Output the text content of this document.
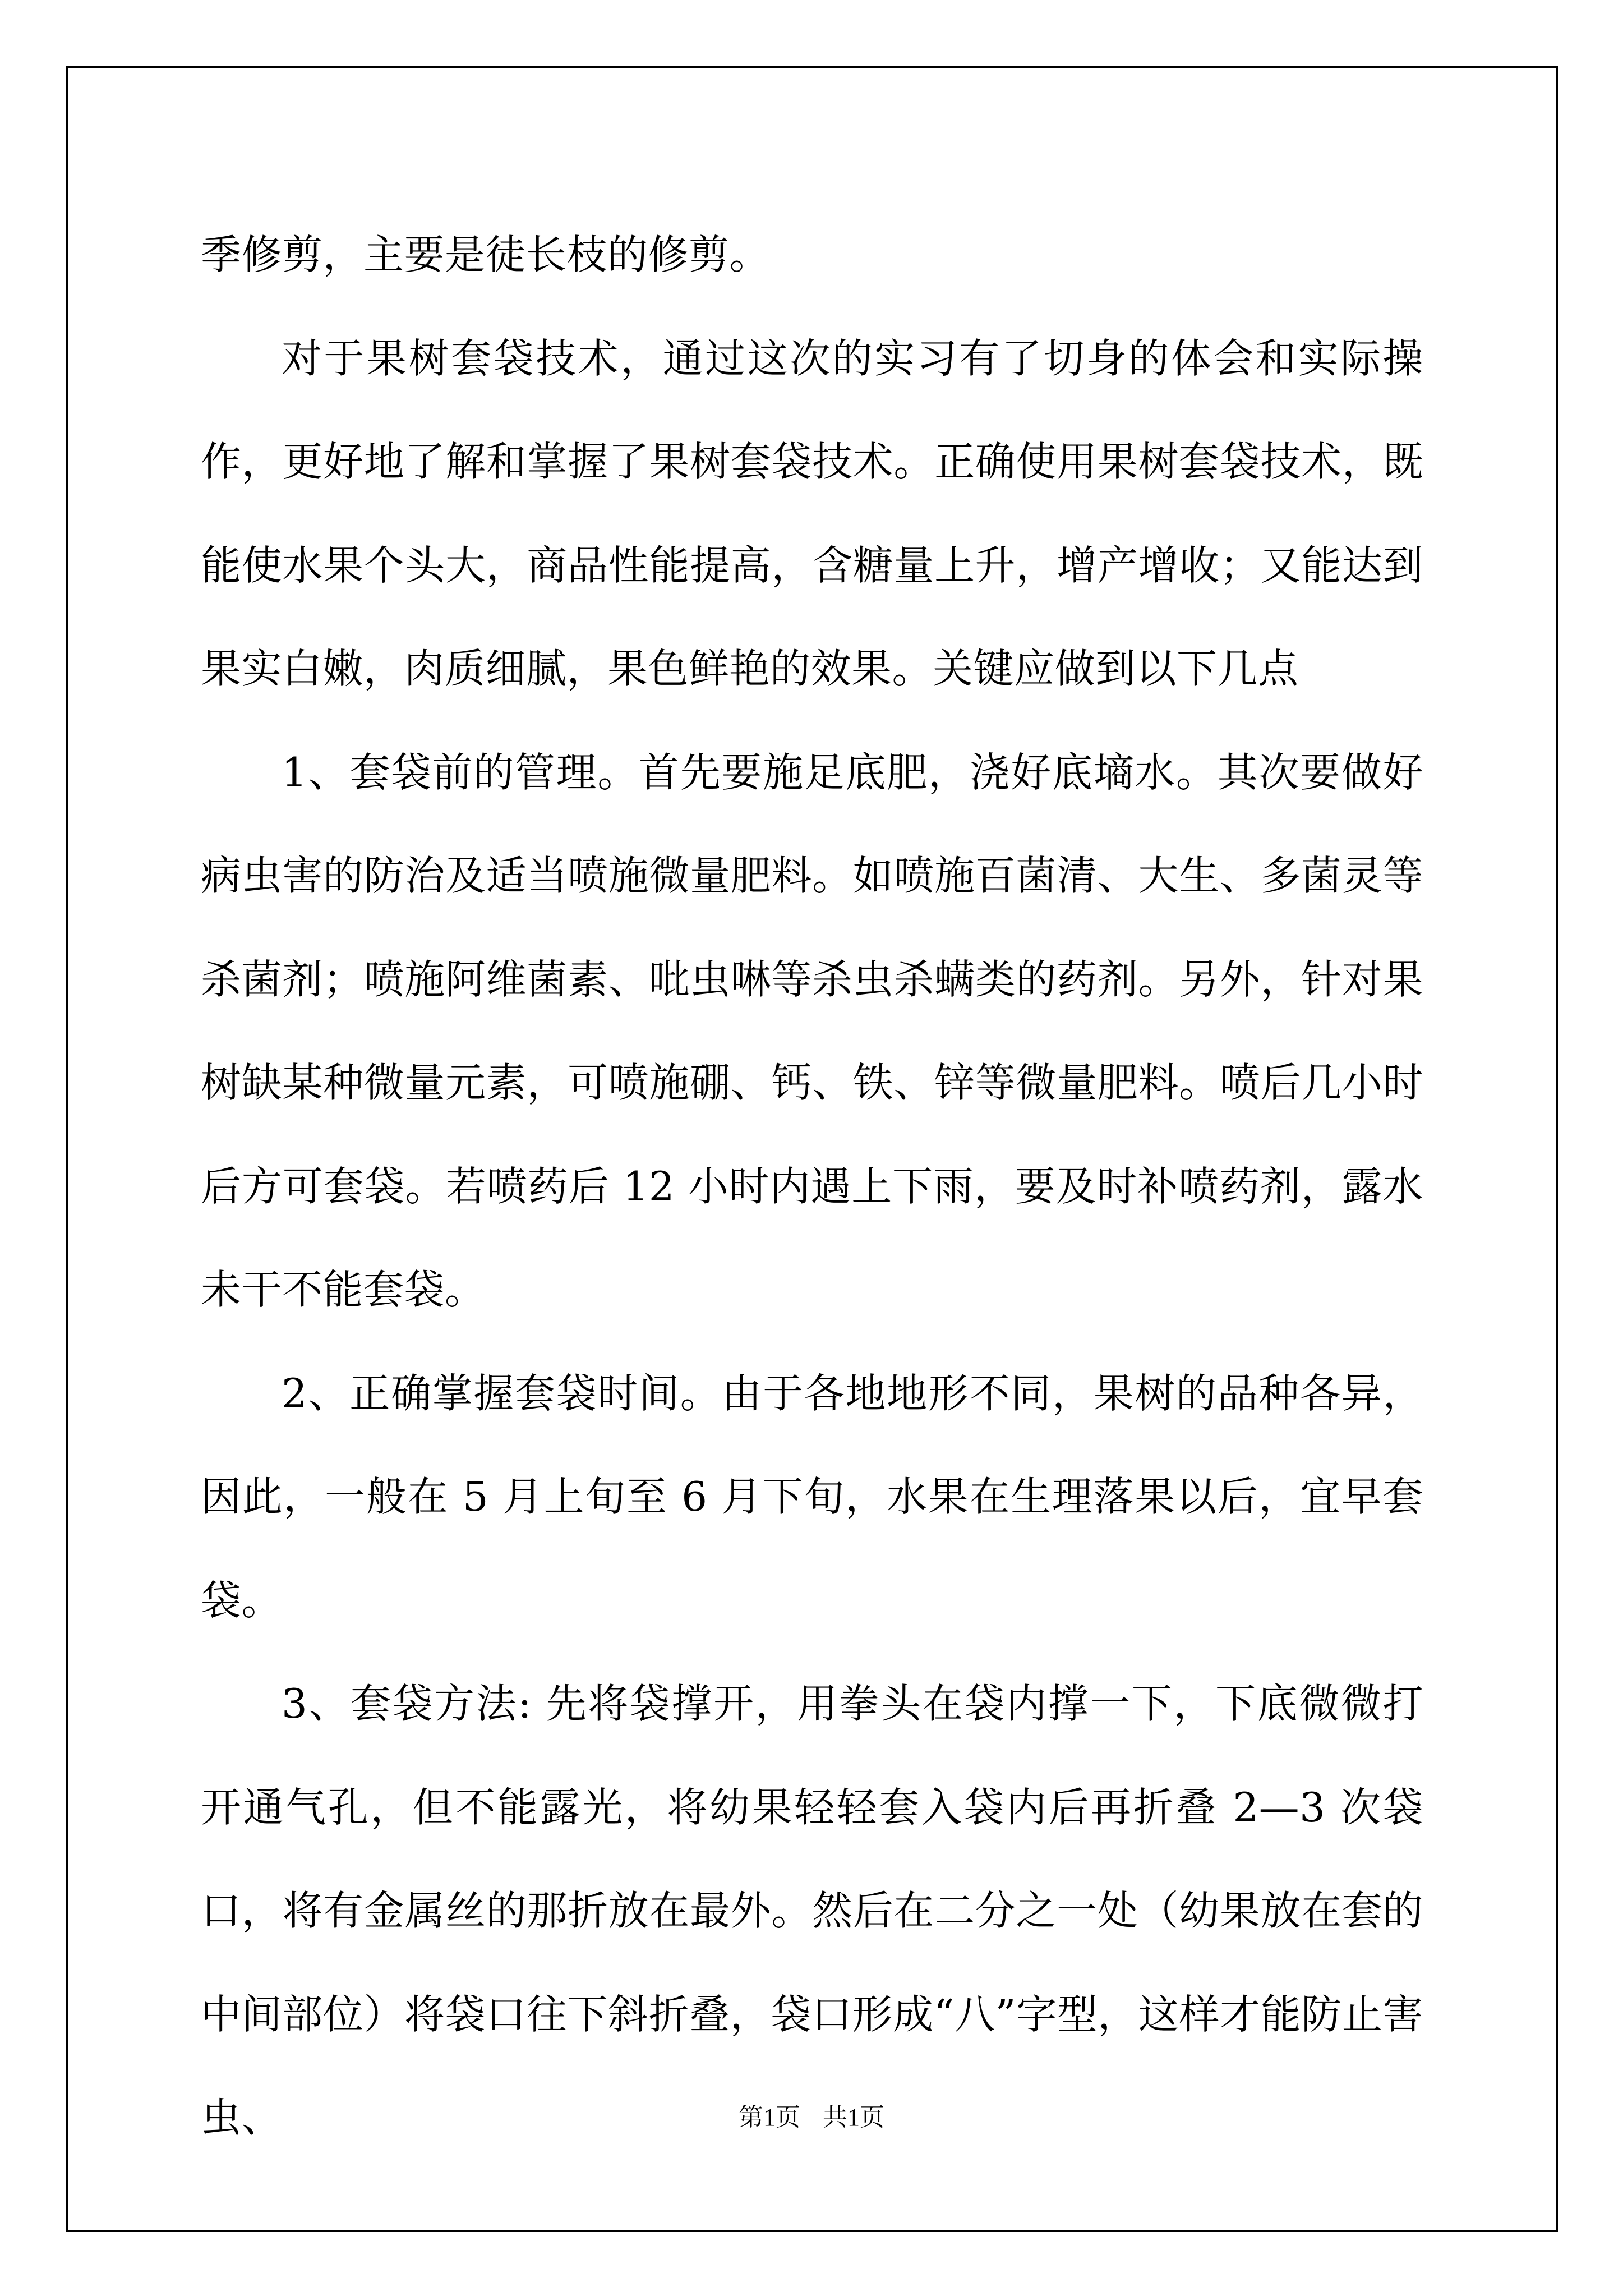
季修剪，主要是徒长枝的修剪。

对于果树套袋技术，通过这次的实习有了切身的体会和实际操作，更好地了解和掌握了果树套袋技术。正确使用果树套袋技术，既能使水果个头大，商品性能提高，含糖量上升，增产增收；又能达到果实白嫩，肉质细腻，果色鲜艳的效果。关键应做到以下几点

1、套袋前的管理。首先要施足底肥，浇好底墒水。其次要做好病虫害的防治及适当喷施微量肥料。如喷施百菌清、大生、多菌灵等杀菌剂；喷施阿维菌素、吡虫啉等杀虫杀螨类的药剂。另外，针对果树缺某种微量元素，可喷施硼、钙、铁、锌等微量肥料。喷后几小时后方可套袋。若喷药后 12 小时内遇上下雨，要及时补喷药剂，露水未干不能套袋。

2、正确掌握套袋时间。由于各地地形不同，果树的品种各异，因此，一般在 5 月上旬至 6 月下旬，水果在生理落果以后，宜早套袋。

3、套袋方法: 先将袋撑开，用拳头在袋内撑一下，下底微微打开通气孔，但不能露光，将幼果轻轻套入袋内后再折叠 2—3 次袋口，将有金属丝的那折放在最外。然后在二分之一处（幼果放在套的中间部位）将袋口往下斜折叠，袋口形成“八”字型，这样才能防止害虫、	第1页 共1页
